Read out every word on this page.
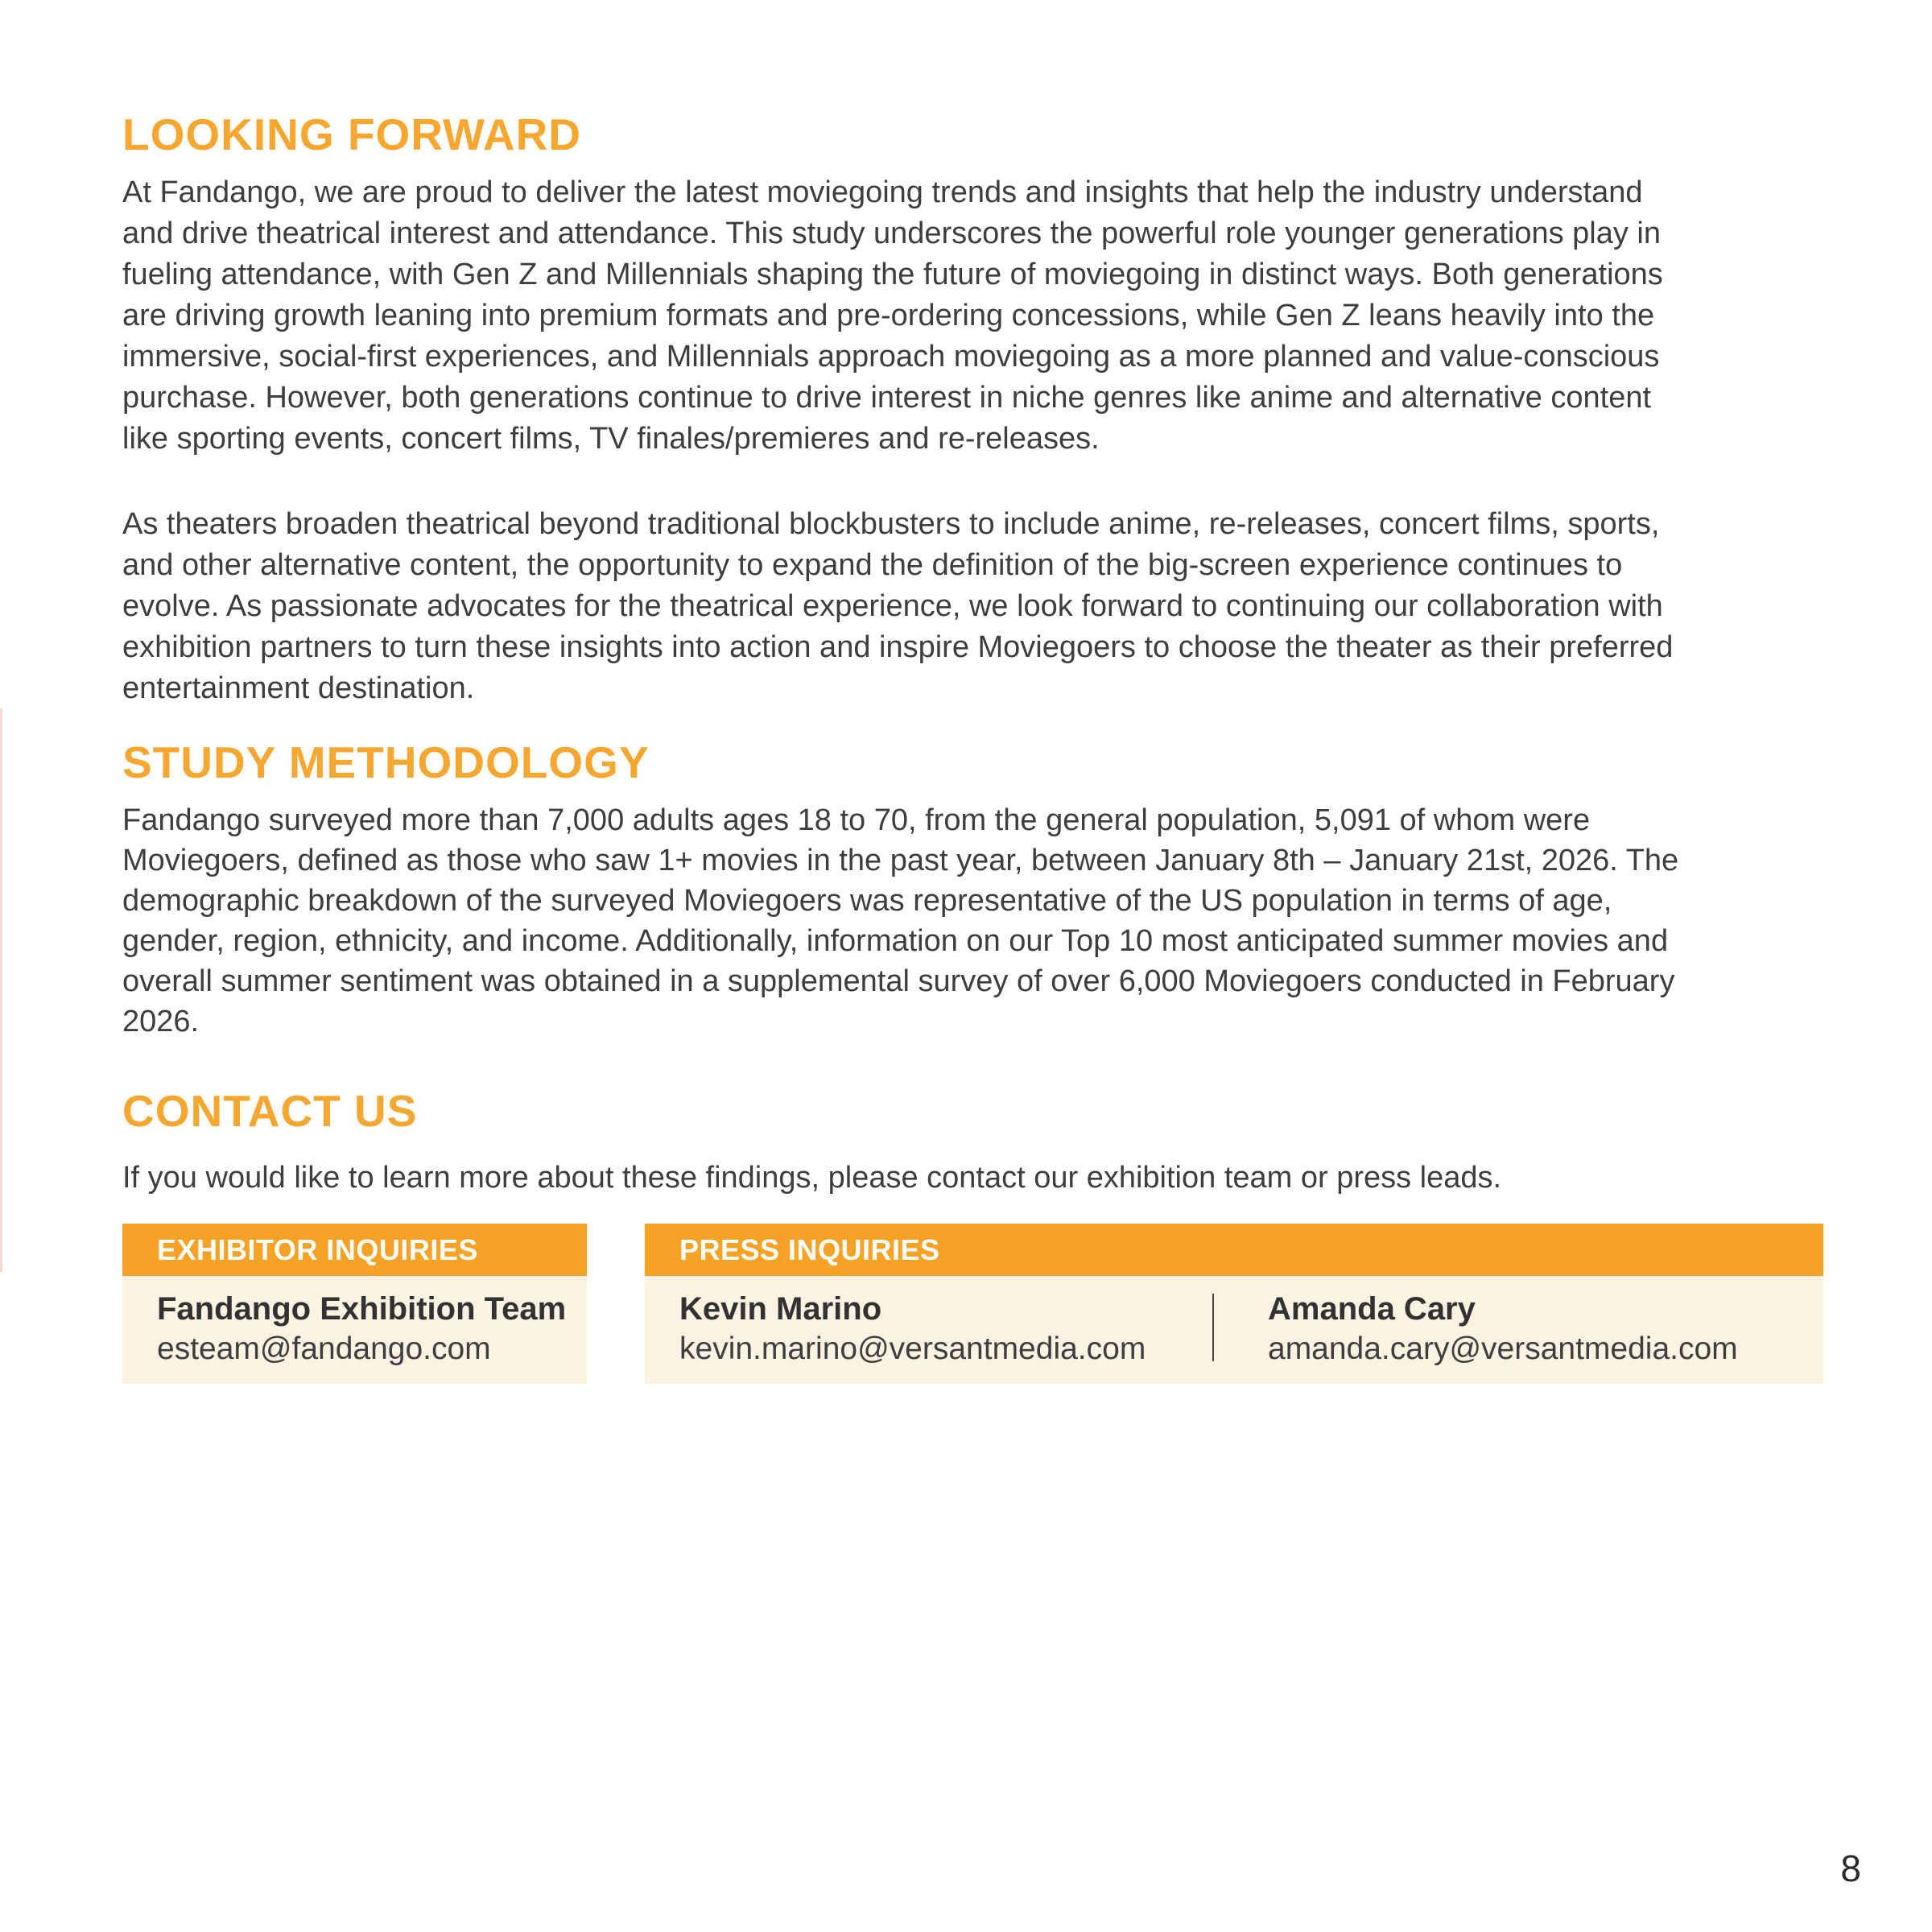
LOOKING FORWARD
At Fandango, we are proud to deliver the latest moviegoing trends and insights that help the industry understand
and drive theatrical interest and attendance. This study underscores the powerful role younger generations play in
fueling attendance, with Gen Z and Millennials shaping the future of moviegoing in distinct ways. Both generations
are driving growth leaning into premium formats and pre-ordering concessions, while Gen Z leans heavily into the
immersive, social-first experiences, and Millennials approach moviegoing as a more planned and value-conscious
purchase. However, both generations continue to drive interest in niche genres like anime and alternative content
like sporting events, concert films, TV finales/premieres and re-releases.
As theaters broaden theatrical beyond traditional blockbusters to include anime, re-releases, concert films, sports,
and other alternative content, the opportunity to expand the definition of the big-screen experience continues to
evolve. As passionate advocates for the theatrical experience, we look forward to continuing our collaboration with
exhibition partners to turn these insights into action and inspire Moviegoers to choose the theater as their preferred
entertainment destination.
STUDY METHODOLOGY
Fandango surveyed more than 7,000 adults ages 18 to 70, from the general population, 5,091 of whom were
Moviegoers, defined as those who saw 1+ movies in the past year, between January 8th – January 21st, 2026. The
demographic breakdown of the surveyed Moviegoers was representative of the US population in terms of age,
gender, region, ethnicity, and income. Additionally, information on our Top 10 most anticipated summer movies and
overall summer sentiment was obtained in a supplemental survey of over 6,000 Moviegoers conducted in February
2026.
CONTACT US
If you would like to learn more about these findings, please contact our exhibition team or press leads.
EXHIBITOR INQUIRIES
Fandango Exhibition Team
esteam@fandango.com
PRESS INQUIRIES
Kevin Marino
kevin.marino@versantmedia.com
Amanda Cary
amanda.cary@versantmedia.com
8
